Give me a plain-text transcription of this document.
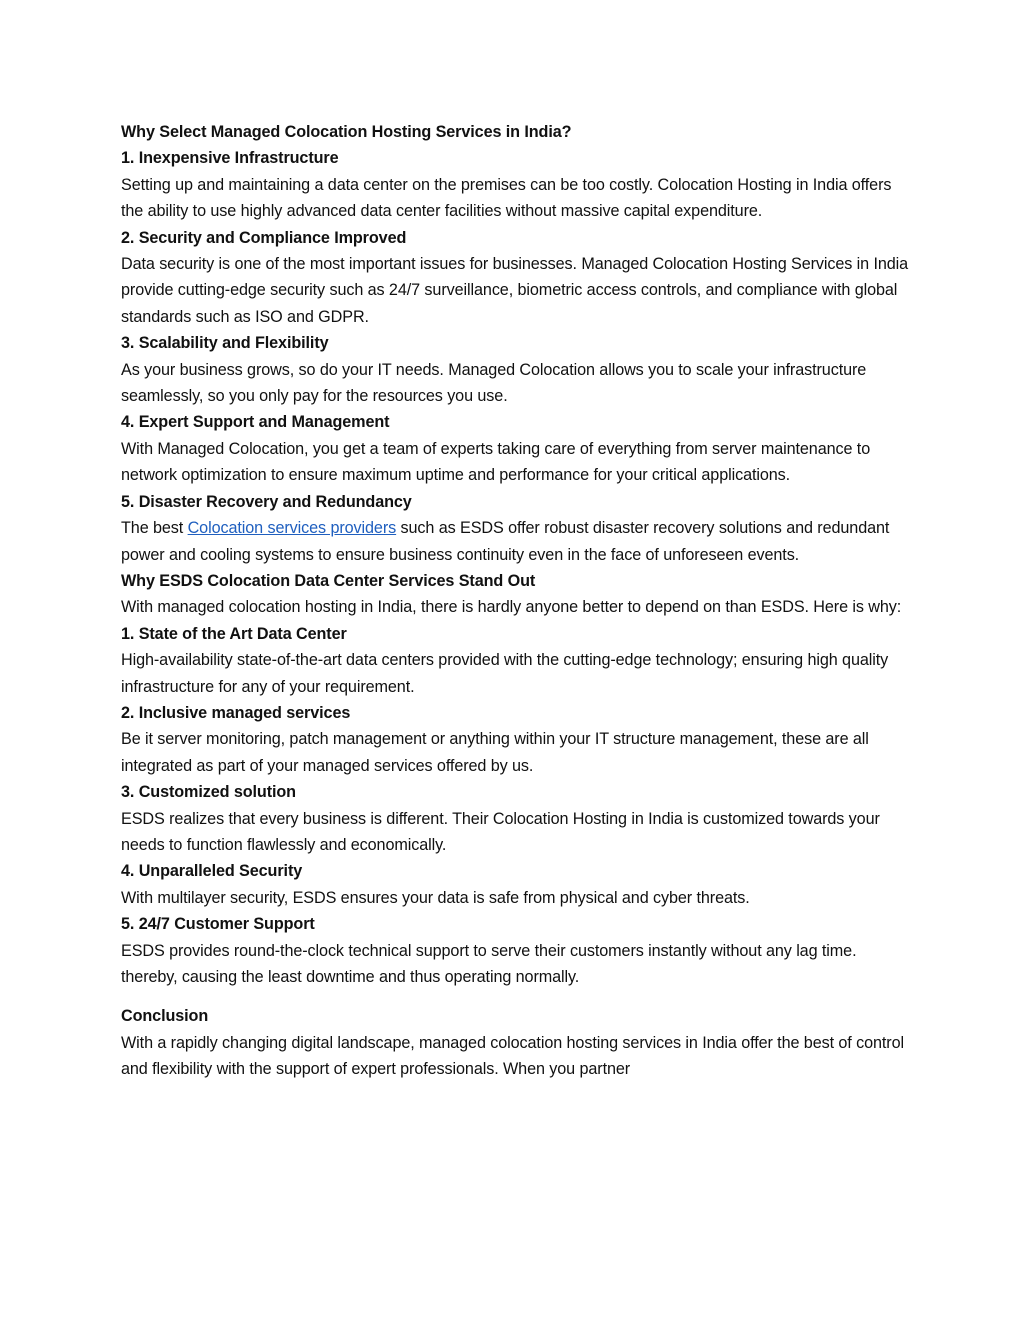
Why Select Managed Colocation Hosting Services in India?

1. Inexpensive Infrastructure

Setting up and maintaining a data center on the premises can be too costly. Colocation Hosting in India offers the ability to use highly advanced data center facilities without massive capital expenditure.

2. Security and Compliance Improved

Data security is one of the most important issues for businesses. Managed Colocation Hosting Services in India provide cutting-edge security such as 24/7 surveillance, biometric access controls, and compliance with global standards such as ISO and GDPR.

3. Scalability and Flexibility

As your business grows, so do your IT needs. Managed Colocation allows you to scale your infrastructure seamlessly, so you only pay for the resources you use.

4. Expert Support and Management

With Managed Colocation, you get a team of experts taking care of everything from server maintenance to network optimization to ensure maximum uptime and performance for your critical applications.

5. Disaster Recovery and Redundancy

The best Colocation services providers such as ESDS offer robust disaster recovery solutions and redundant power and cooling systems to ensure business continuity even in the face of unforeseen events.

Why ESDS Colocation Data Center Services Stand Out

With managed colocation hosting in India, there is hardly anyone better to depend on than ESDS. Here is why:

1. State of the Art Data Center

High-availability state-of-the-art data centers provided with the cutting-edge technology; ensuring high quality infrastructure for any of your requirement.

2. Inclusive managed services

Be it server monitoring, patch management or anything within your IT structure management, these are all integrated as part of your managed services offered by us.

3. Customized solution

ESDS realizes that every business is different. Their Colocation Hosting in India is customized towards your needs to function flawlessly and economically.

4. Unparalleled Security

With multilayer security, ESDS ensures your data is safe from physical and cyber threats.

5. 24/7 Customer Support

ESDS provides round-the-clock technical support to serve their customers instantly without any lag time. thereby, causing the least downtime and thus operating normally.

Conclusion

With a rapidly changing digital landscape, managed colocation hosting services in India offer the best of control and flexibility with the support of expert professionals. When you partner
